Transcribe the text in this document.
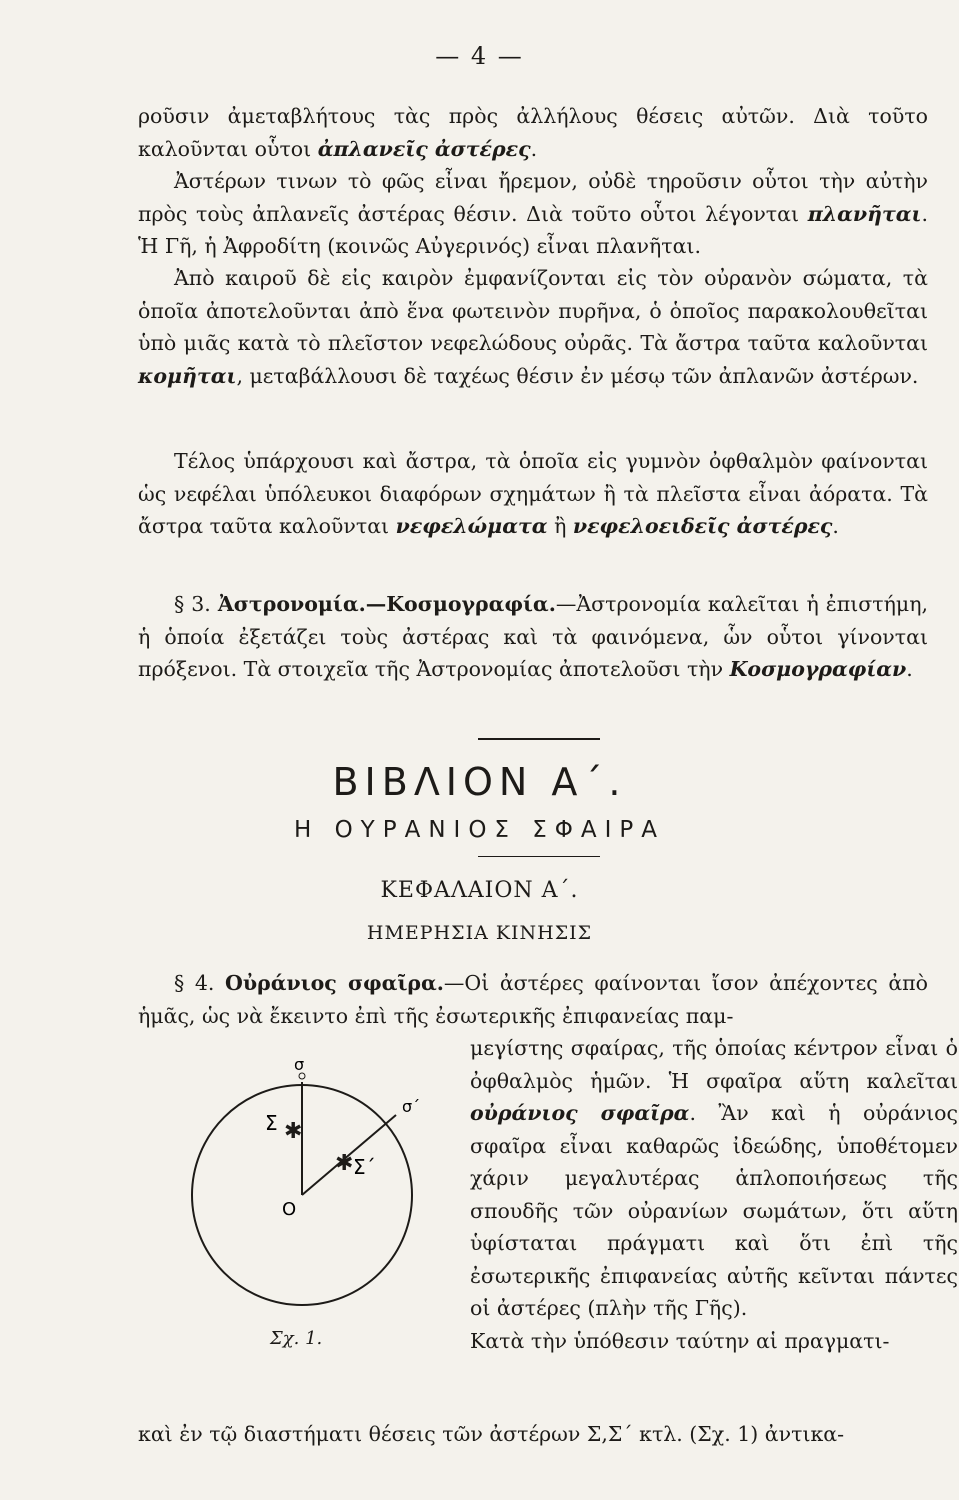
— 4 —
ροῦσιν ἀμεταβλήτους τὰς πρὸς ἀλλήλους θέσεις αὐτῶν. Διὰ τοῦτο καλοῦνται οὗτοι ἀπλανεῖς ἀστέρες.
Ἀστέρων τινων τὸ φῶς εἶναι ἤρεμον, οὐδὲ τηροῦσιν οὗτοι τὴν αὐτὴν πρὸς τοὺς ἀπλανεῖς ἀστέρας θέσιν. Διὰ τοῦτο οὗτοι λέγονται πλανῆται. Ἡ Γῆ, ἡ Ἀφροδίτη (κοινῶς Αὐγερινός) εἶναι πλανῆται.
Ἀπὸ καιροῦ δὲ εἰς καιρὸν ἐμφανίζονται εἰς τὸν οὐρανὸν σώματα, τὰ ὁποῖα ἀποτελοῦνται ἀπὸ ἕνα φωτεινὸν πυρῆνα, ὁ ὁποῖος παρακολουθεῖται ὑπὸ μιᾶς κατὰ τὸ πλεῖστον νεφελώδους οὐρᾶς. Τὰ ἄστρα ταῦτα καλοῦνται κομῆται, μεταβάλλουσι δὲ ταχέως θέσιν ἐν μέσῳ τῶν ἀπλανῶν ἀστέρων.
Τέλος ὑπάρχουσι καὶ ἄστρα, τὰ ὁποῖα εἰς γυμνὸν ὀφθαλμὸν φαίνονται ὡς νεφέλαι ὑπόλευκοι διαφόρων σχημάτων ἢ τὰ πλεῖστα εἶναι ἀόρατα. Τὰ ἄστρα ταῦτα καλοῦνται νεφελώματα ἢ νεφελοειδεῖς ἀστέρες.
§ 3. Ἀστρονομία.—Κοσμογραφία.—Ἀστρονομία καλεῖται ἡ ἐπιστήμη, ἡ ὁποία ἐξετάζει τοὺς ἀστέρας καὶ τὰ φαινόμενα, ὧν οὗτοι γίνονται πρόξενοι. Τὰ στοιχεῖα τῆς Ἀστρονομίας ἀποτελοῦσι τὴν Κοσμογραφίαν.
ΒΙΒΛΙΟΝ Α΄.
Η ΟΥΡΑΝΙΟΣ ΣΦΑΙΡΑ
ΚΕΦΑΛΑΙΟΝ Α΄.
ΗΜΕΡΗΣΙΑ ΚΙΝΗΣΙΣ
§ 4. Οὐράνιος σφαῖρα.—Οἱ ἀστέρες φαίνονται ἴσον ἀπέχοντες ἀπὸ ἡμᾶς, ὡς νὰ ἔκειντο ἐπὶ τῆς ἐσωτερικῆς ἐπιφανείας παμ-
σ
✱
Σ
✱ Σ΄
σ΄
O
Σχ. 1.
μεγίστης σφαίρας, τῆς ὁποίας κέντρον εἶναι ὁ ὀφθαλμὸς ἡμῶν. Ἡ σφαῖρα αὕτη καλεῖται οὐράνιος σφαῖρα. Ἂν καὶ ἡ οὐράνιος σφαῖρα εἶναι καθαρῶς ἰδεώδης, ὑποθέτομεν χάριν μεγαλυτέρας ἁπλοποιήσεως τῆς σπουδῆς τῶν οὐρανίων σωμάτων, ὅτι αὕτη ὑφίσταται πράγματι καὶ ὅτι ἐπὶ τῆς ἐσωτερικῆς ἐπιφανείας αὐτῆς κεῖνται πάντες οἱ ἀστέρες (πλὴν τῆς Γῆς).
Κατὰ τὴν ὑπόθεσιν ταύτην αἱ πραγματι-
καὶ ἐν τῷ διαστήματι θέσεις τῶν ἀστέρων Σ,Σ΄ κτλ. (Σχ. 1) ἀντικα-
